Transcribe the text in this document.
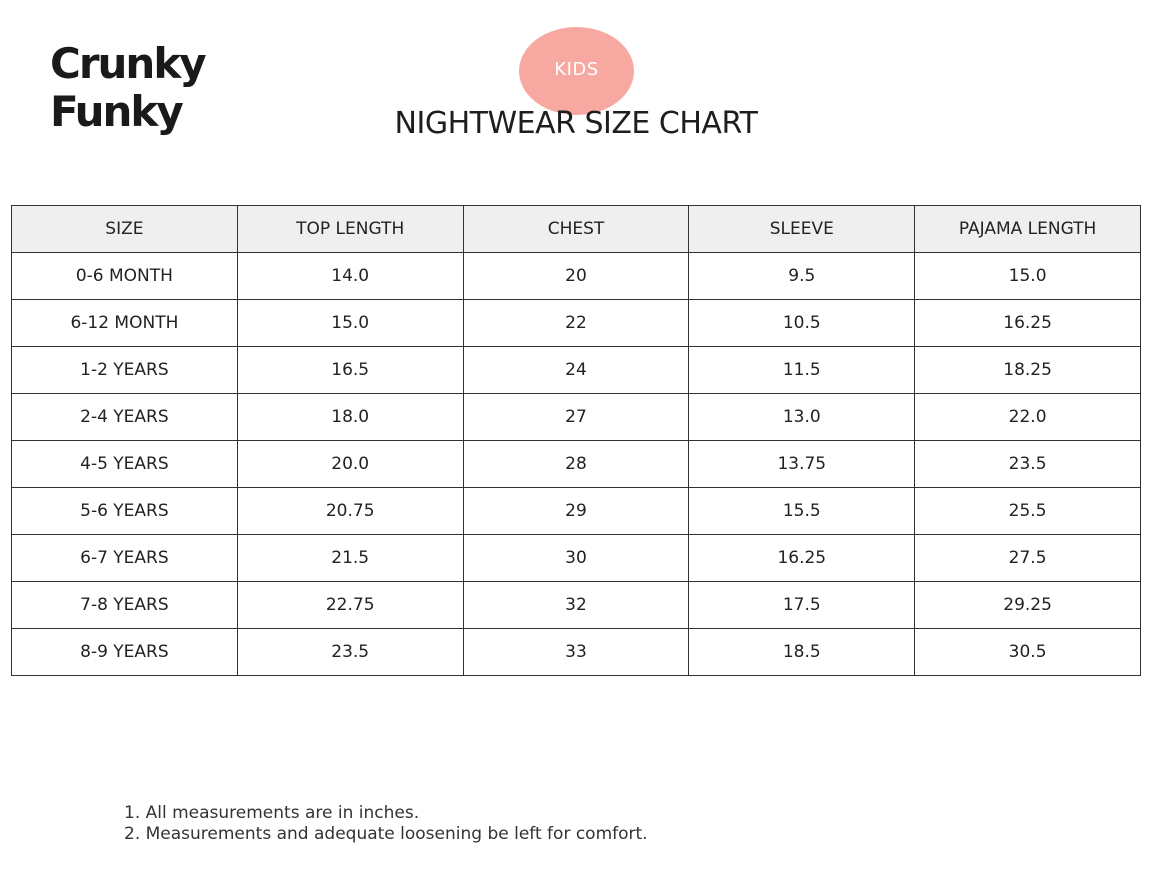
Crunky
Funky
KIDS
NIGHTWEAR SIZE CHART
SIZE	TOP LENGTH	CHEST	SLEEVE	PAJAMA LENGTH
0-6 MONTH	14.0	20	9.5	15.0
6-12 MONTH	15.0	22	10.5	16.25
1-2 YEARS	16.5	24	11.5	18.25
2-4 YEARS	18.0	27	13.0	22.0
4-5 YEARS	20.0	28	13.75	23.5
5-6 YEARS	20.75	29	15.5	25.5
6-7 YEARS	21.5	30	16.25	27.5
7-8 YEARS	22.75	32	17.5	29.25
8-9 YEARS	23.5	33	18.5	30.5
1. All measurements are in inches.
2. Measurements and adequate loosening be left for comfort.
